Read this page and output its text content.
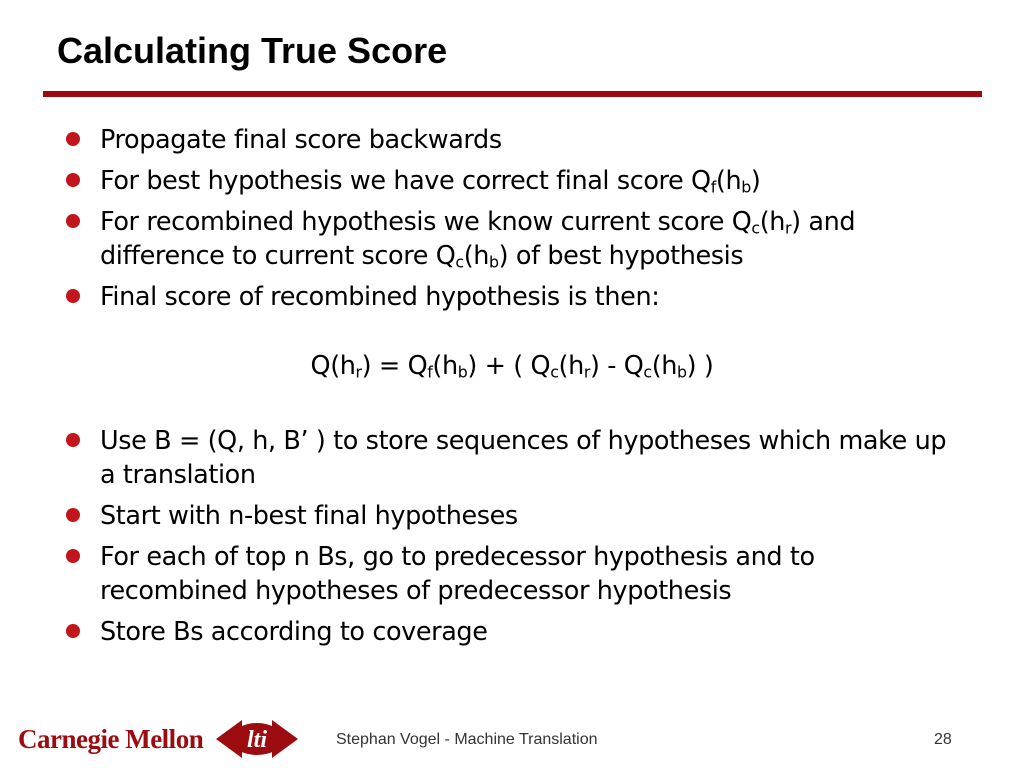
Calculating True Score
Propagate final score backwards
For best hypothesis we have correct final score $Q_f(h_b)$
For recombined hypothesis we know current score $Q_c(h_r)$ and difference to current score $Q_c(h_b)$ of best hypothesis
Final score of recombined hypothesis is then:
$Q(h_r) = Q_f(h_b)$ + ( $Q_c(h_r) - Q_c(h_b)$ )
Use B = (Q, h, B’ ) to store sequences of hypotheses which make up a translation
Start with n-best final hypotheses
For each of top n Bs, go to predecessor hypothesis and to recombined hypotheses of predecessor hypothesis
Store Bs according to coverage
Carnegie Mellon lti	Stephan Vogel - Machine Translation	28
